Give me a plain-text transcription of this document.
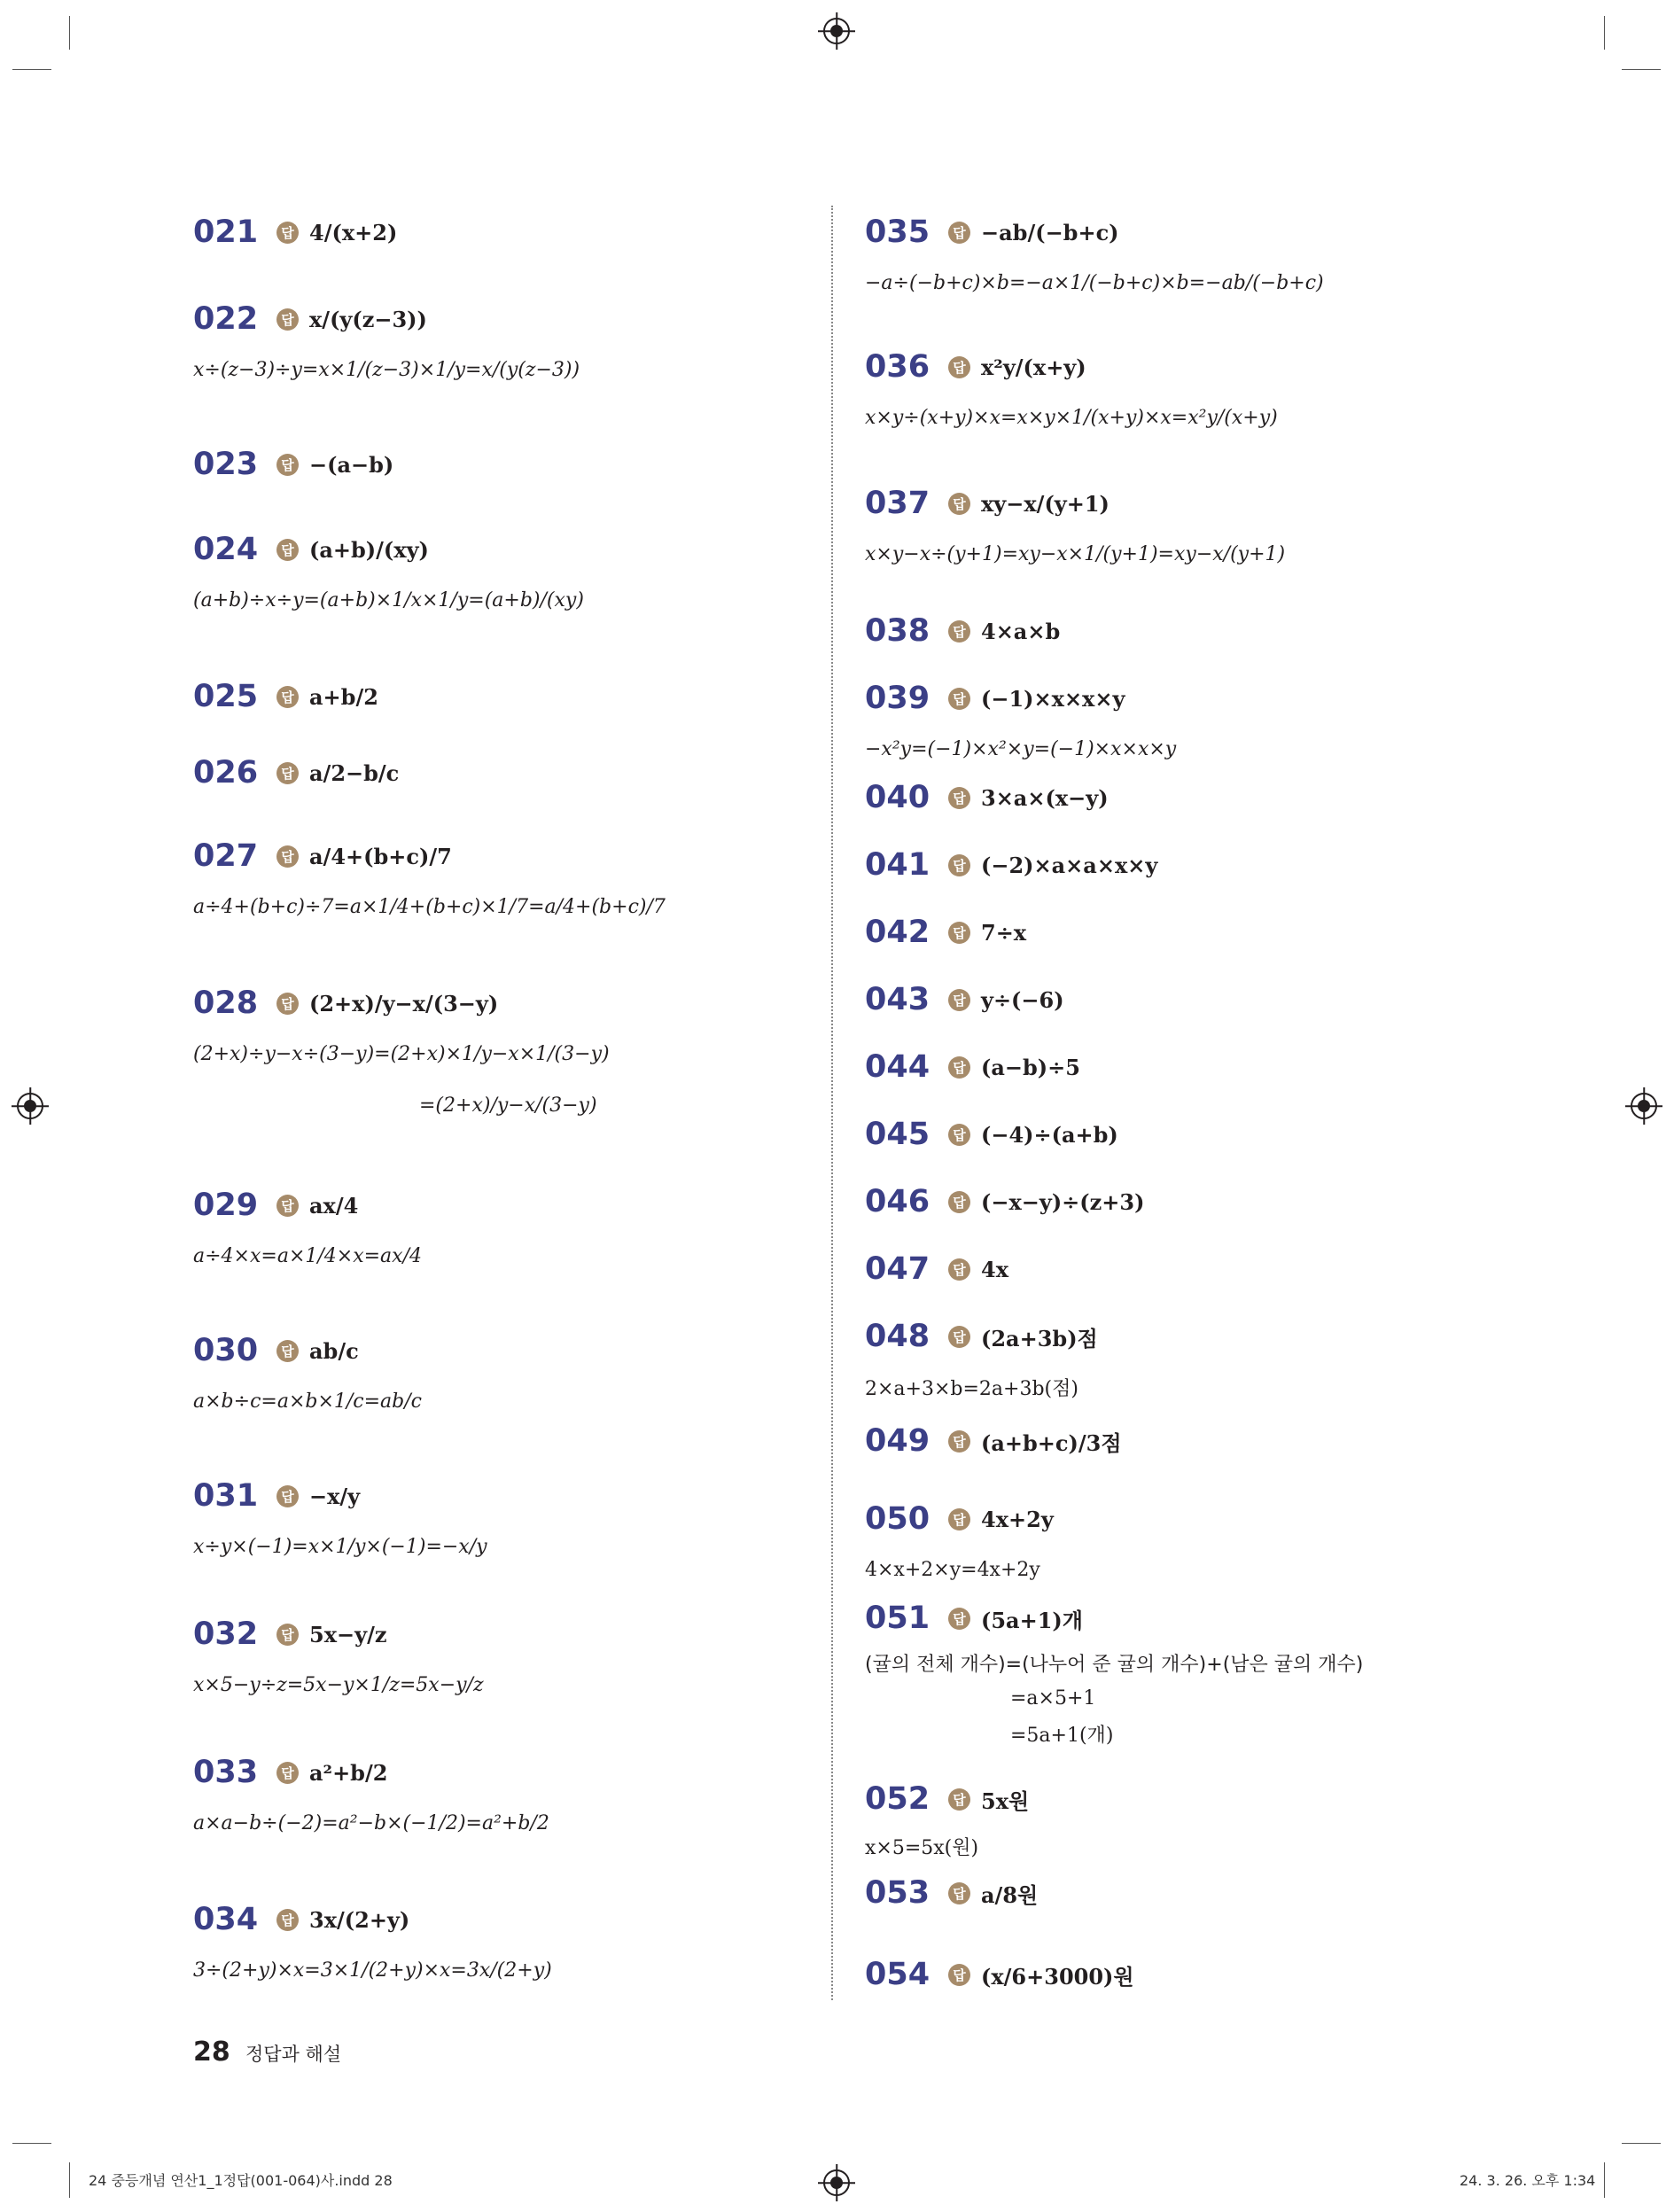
021	답 4/(x+2)
022	답 x/(y(z−3))
x÷(z−3)÷y=x×1/(z−3)×1/y=x/(y(z−3))
023	답 −(a−b)
024	답 (a+b)/(xy)
(a+b)÷x÷y=(a+b)×1/x×1/y=(a+b)/(xy)
025	답 a+b/2
026	답 a/2−b/c
027	답 a/4+(b+c)/7
a÷4+(b+c)÷7=a×1/4+(b+c)×1/7=a/4+(b+c)/7
028	답 (2+x)/y−x/(3−y)
(2+x)÷y−x÷(3−y)=(2+x)×1/y−x×1/(3−y)
=(2+x)/y−x/(3−y)
029	답 ax/4
a÷4×x=a×1/4×x=ax/4
030	답 ab/c
a×b÷c=a×b×1/c=ab/c
031	답 −x/y
x÷y×(−1)=x×1/y×(−1)=−x/y
032	답 5x−y/z
x×5−y÷z=5x−y×1/z=5x−y/z
033	답 a²+b/2
a×a−b÷(−2)=a²−b×(−1/2)=a²+b/2
034	답 3x/(2+y)
3÷(2+y)×x=3×1/(2+y)×x=3x/(2+y)
035	답 −ab/(−b+c)
−a÷(−b+c)×b=−a×1/(−b+c)×b=−ab/(−b+c)
036	답 x²y/(x+y)
x×y÷(x+y)×x=x×y×1/(x+y)×x=x²y/(x+y)
037	답 xy−x/(y+1)
x×y−x÷(y+1)=xy−x×1/(y+1)=xy−x/(y+1)
038	답 4×a×b
039	답 (−1)×x×x×y
−x²y=(−1)×x²×y=(−1)×x×x×y
040	답 3×a×(x−y)
041	답 (−2)×a×a×x×y
042	답 7÷x
043	답 y÷(−6)
044	답 (a−b)÷5
045	답 (−4)÷(a+b)
046	답 (−x−y)÷(z+3)
047	답 4x
048	답 (2a+3b)점
2×a+3×b=2a+3b(점)
049	답 (a+b+c)/3점
050	답 4x+2y
4×x+2×y=4x+2y
051	답 (5a+1)개
(귤의 전체 개수)=(나누어 준 귤의 개수)+(남은 귤의 개수)
=a×5+1
=5a+1(개)
052	답 5x원
x×5=5x(원)
053	답 a/8원
054	답 (x/6+3000)원
28 정답과 해설
24 중등개념 연산1_1정답(001-064)사.indd 28	24. 3. 26. 오후 1:34
